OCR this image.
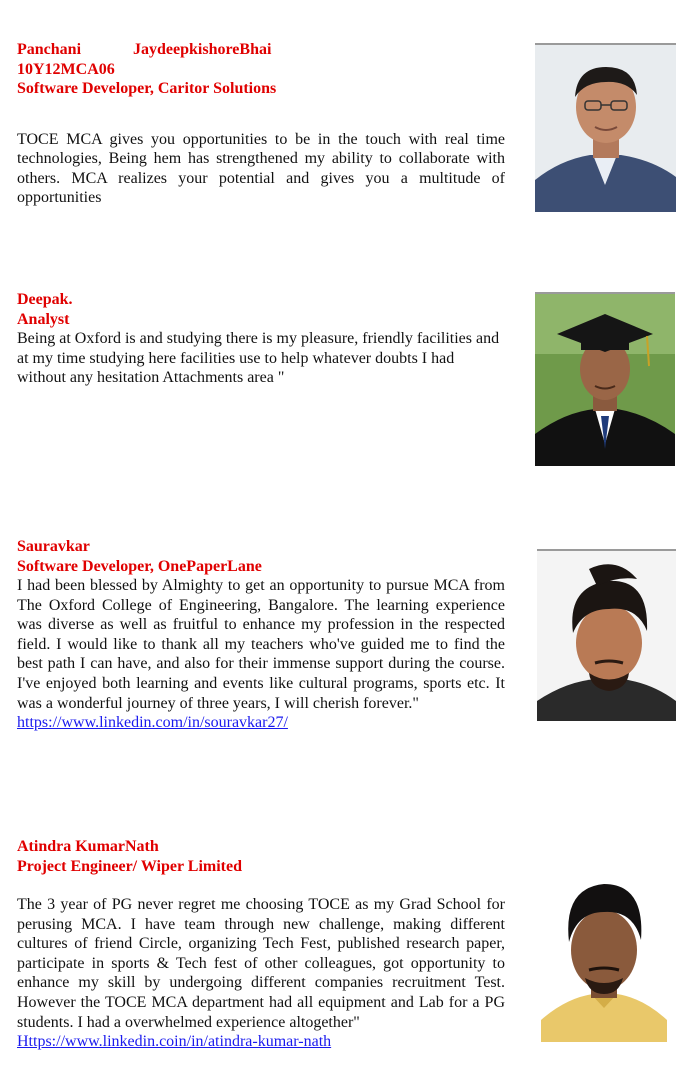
Panchani	JaydeepkishoreBhai
10Y12MCA06
Software Developer, Caritor Solutions

TOCE MCA gives you opportunities to be in the touch with real time technologies, Being hem has strengthened my ability to collaborate with others. MCA realizes your potential and gives you a multitude of opportunities

Deepak.
Analyst

Being at Oxford is and studying there is my pleasure, friendly facilities and at my time studying here facilities use to help whatever doubts I had without any hesitation Attachments area "

Sauravkar
Software Developer, OnePaperLane

I had been blessed by Almighty to get an opportunity to pursue MCA from The Oxford College of Engineering, Bangalore. The learning experience was diverse as well as fruitful to enhance my profession in the respected field. I would like to thank all my teachers who've guided me to find the best path I can have, and also for their immense support during the course. I've enjoyed both learning and events like cultural programs, sports etc. It was a wonderful journey of three years, I will cherish forever."

https://www.linkedin.com/in/souravkar27/
Atindra KumarNath
Project Engineer/ Wiper Limited

The 3 year of PG never regret me choosing TOCE as my Grad School for perusing MCA. I have team through new challenge, making different cultures of friend Circle, organizing Tech Fest, published research paper, participate in sports & Tech fest of other colleagues, got opportunity to enhance my skill by undergoing different companies recruitment Test. However the TOCE MCA department had all equipment and Lab for a PG students. I had a overwhelmed experience altogether"

Https://www.linkedin.coin/in/atindra-kumar-nath
